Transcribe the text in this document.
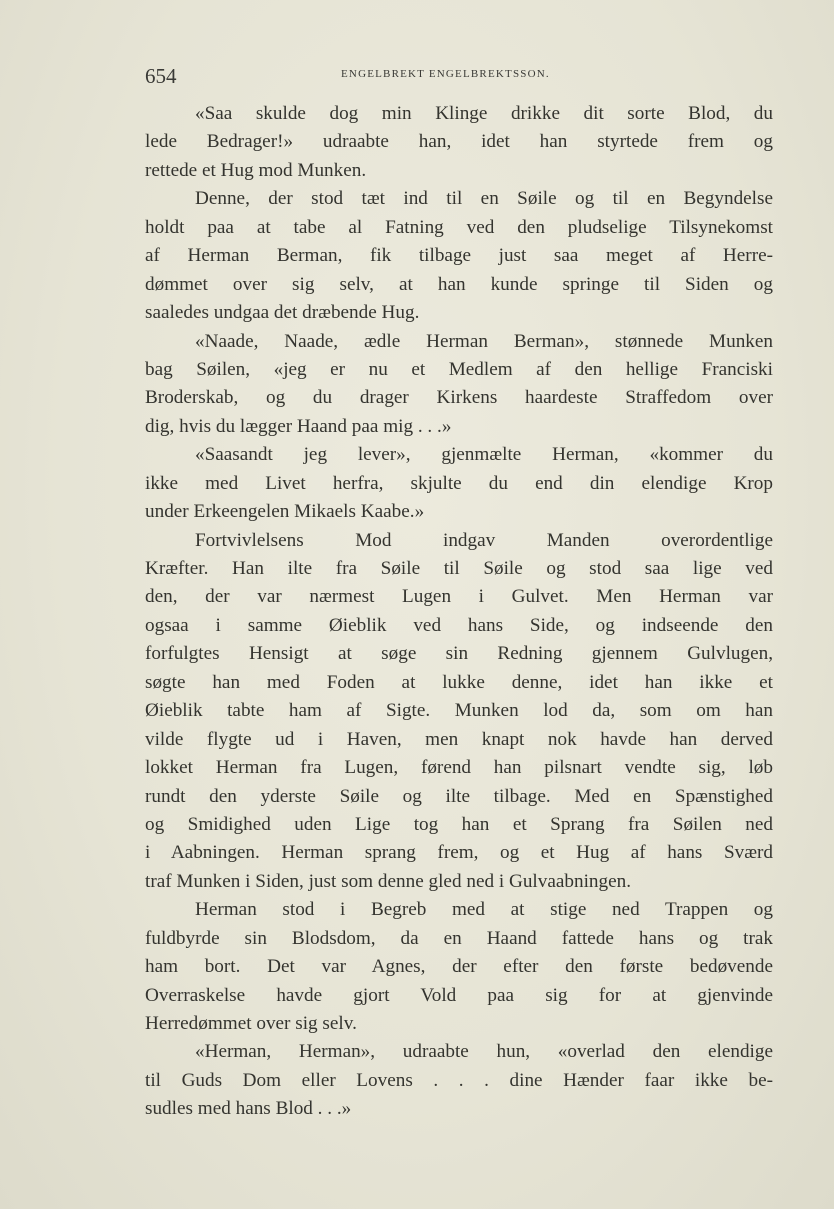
654	ENGELBREKT ENGELBREKTSSON.
«Saa skulde dog min Klinge drikke dit sorte Blod, du
lede Bedrager!» udraabte han, idet han styrtede frem og
rettede et Hug mod Munken.
Denne, der stod tæt ind til en Søile og til en Begyndelse
holdt paa at tabe al Fatning ved den pludselige Tilsynekomst
af Herman Berman, fik tilbage just saa meget af Herre-
dømmet over sig selv, at han kunde springe til Siden og
saaledes undgaa det dræbende Hug.
«Naade, Naade, ædle Herman Berman», stønnede Munken
bag Søilen, «jeg er nu et Medlem af den hellige Franciski
Broderskab, og du drager Kirkens haardeste Straffedom over
dig, hvis du lægger Haand paa mig . . .»
«Saasandt jeg lever», gjenmælte Herman, «kommer du
ikke med Livet herfra, skjulte du end din elendige Krop
under Erkeengelen Mikaels Kaabe.»
Fortvivlelsens Mod indgav Manden overordentlige
Kræfter. Han ilte fra Søile til Søile og stod saa lige ved
den, der var nærmest Lugen i Gulvet. Men Herman var
ogsaa i samme Øieblik ved hans Side, og indseende den
forfulgtes Hensigt at søge sin Redning gjennem Gulvlugen,
søgte han med Foden at lukke denne, idet han ikke et
Øieblik tabte ham af Sigte. Munken lod da, som om han
vilde flygte ud i Haven, men knapt nok havde han derved
lokket Herman fra Lugen, førend han pilsnart vendte sig, løb
rundt den yderste Søile og ilte tilbage. Med en Spænstighed
og Smidighed uden Lige tog han et Sprang fra Søilen ned
i Aabningen. Herman sprang frem, og et Hug af hans Sværd
traf Munken i Siden, just som denne gled ned i Gulvaabningen.
Herman stod i Begreb med at stige ned Trappen og
fuldbyrde sin Blodsdom, da en Haand fattede hans og trak
ham bort. Det var Agnes, der efter den første bedøvende
Overraskelse havde gjort Vold paa sig for at gjenvinde
Herredømmet over sig selv.
«Herman, Herman», udraabte hun, «overlad den elendige
til Guds Dom eller Lovens . . . dine Hænder faar ikke be-
sudles med hans Blod . . .»
